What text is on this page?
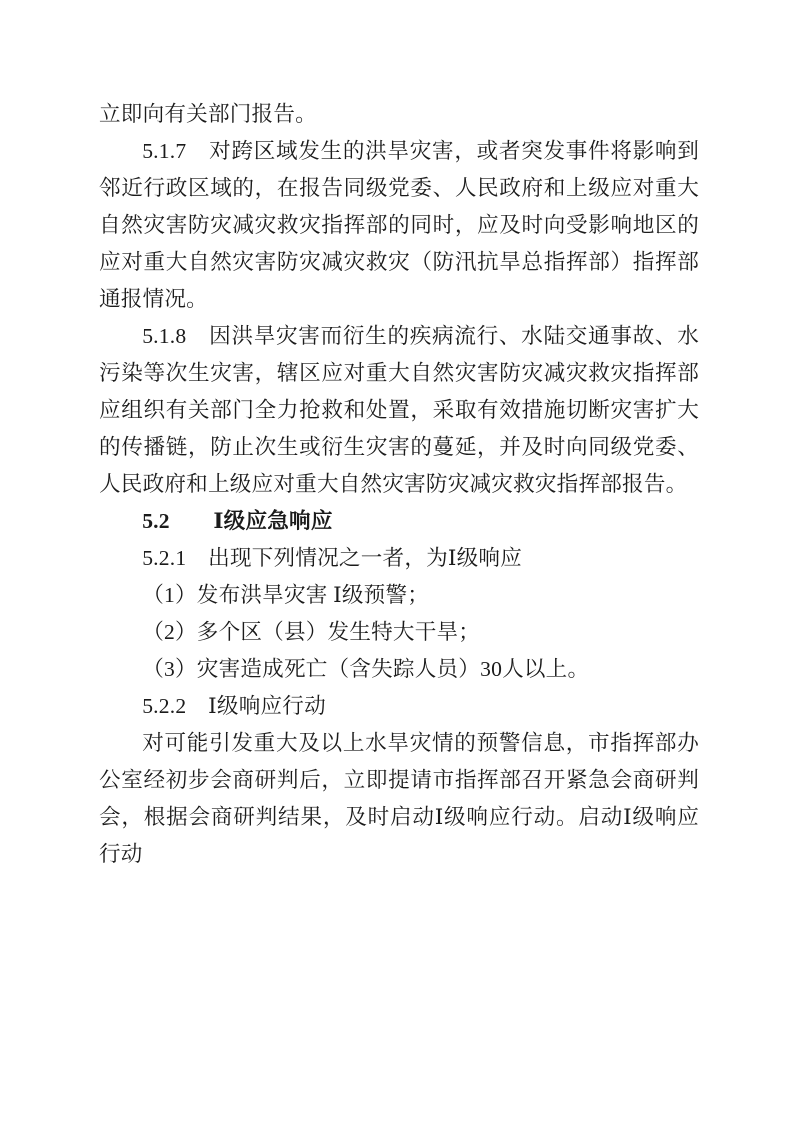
立即向有关部门报告。

5.1.7　对跨区域发生的洪旱灾害，或者突发事件将影响到邻近行政区域的，在报告同级党委、人民政府和上级应对重大自然灾害防灾减灾救灾指挥部的同时，应及时向受影响地区的应对重大自然灾害防灾减灾救灾（防汛抗旱总指挥部）指挥部通报情况。

5.1.8　因洪旱灾害而衍生的疾病流行、水陆交通事故、水污染等次生灾害，辖区应对重大自然灾害防灾减灾救灾指挥部应组织有关部门全力抢救和处置，采取有效措施切断灾害扩大的传播链，防止次生或衍生灾害的蔓延，并及时向同级党委、人民政府和上级应对重大自然灾害防灾减灾救灾指挥部报告。

5.2　　Ⅰ级应急响应

5.2.1　出现下列情况之一者，为Ⅰ级响应

（1）发布洪旱灾害 Ⅰ级预警；

（2）多个区（县）发生特大干旱；

（3）灾害造成死亡（含失踪人员）30人以上。

5.2.2　Ⅰ级响应行动

对可能引发重大及以上水旱灾情的预警信息，市指挥部办公室经初步会商研判后，立即提请市指挥部召开紧急会商研判会，根据会商研判结果，及时启动Ⅰ级响应行动。启动Ⅰ级响应行动
